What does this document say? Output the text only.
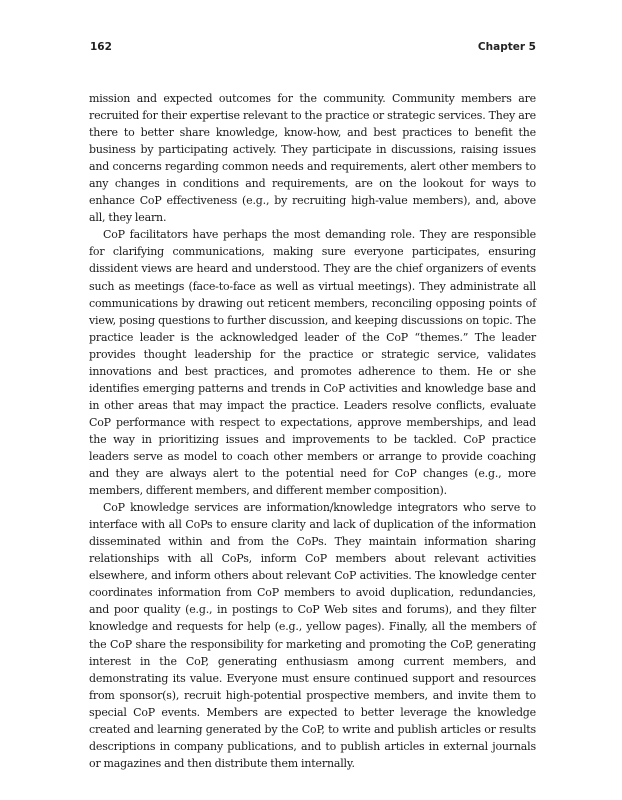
162	Chapter 5

mission and expected outcomes for the community. Community members are recruited for their expertise relevant to the practice or strategic services. They are there to better share knowledge, know-how, and best practices to benefit the business by participating actively. They participate in discussions, raising issues and concerns regarding common needs and requirements, alert other members to any changes in conditions and requirements, are on the lookout for ways to enhance CoP effectiveness (e.g., by recruiting high-value members), and, above all, they learn.

CoP facilitators have perhaps the most demanding role. They are responsible for clarifying communications, making sure everyone participates, ensuring dissident views are heard and understood. They are the chief organizers of events such as meetings (face-to-face as well as virtual meetings). They administrate all communications by drawing out reticent members, reconciling opposing points of view, posing questions to further discussion, and keeping discussions on topic. The practice leader is the acknowledged leader of the CoP “themes.” The leader provides thought leadership for the practice or strategic service, validates innovations and best practices, and promotes adherence to them. He or she identifies emerging patterns and trends in CoP activities and knowledge base and in other areas that may impact the practice. Leaders resolve conflicts, evaluate CoP performance with respect to expectations, approve memberships, and lead the way in prioritizing issues and improvements to be tackled. CoP practice leaders serve as model to coach other members or arrange to provide coaching and they are always alert to the potential need for CoP changes (e.g., more members, different members, and different member composition).

CoP knowledge services are information/knowledge integrators who serve to interface with all CoPs to ensure clarity and lack of duplication of the information disseminated within and from the CoPs. They maintain information sharing relationships with all CoPs, inform CoP members about relevant activities elsewhere, and inform others about relevant CoP activities. The knowledge center coordinates information from CoP members to avoid duplication, redundancies, and poor quality (e.g., in postings to CoP Web sites and forums), and they filter knowledge and requests for help (e.g., yellow pages). Finally, all the members of the CoP share the responsibility for marketing and promoting the CoP, generating interest in the CoP, generating enthusiasm among current members, and demonstrating its value. Everyone must ensure continued support and resources from sponsor(s), recruit high-potential prospective members, and invite them to special CoP events. Members are expected to better leverage the knowledge created and learning generated by the CoP, to write and publish articles or results descriptions in company publications, and to publish articles in external journals or magazines and then distribute them internally.
